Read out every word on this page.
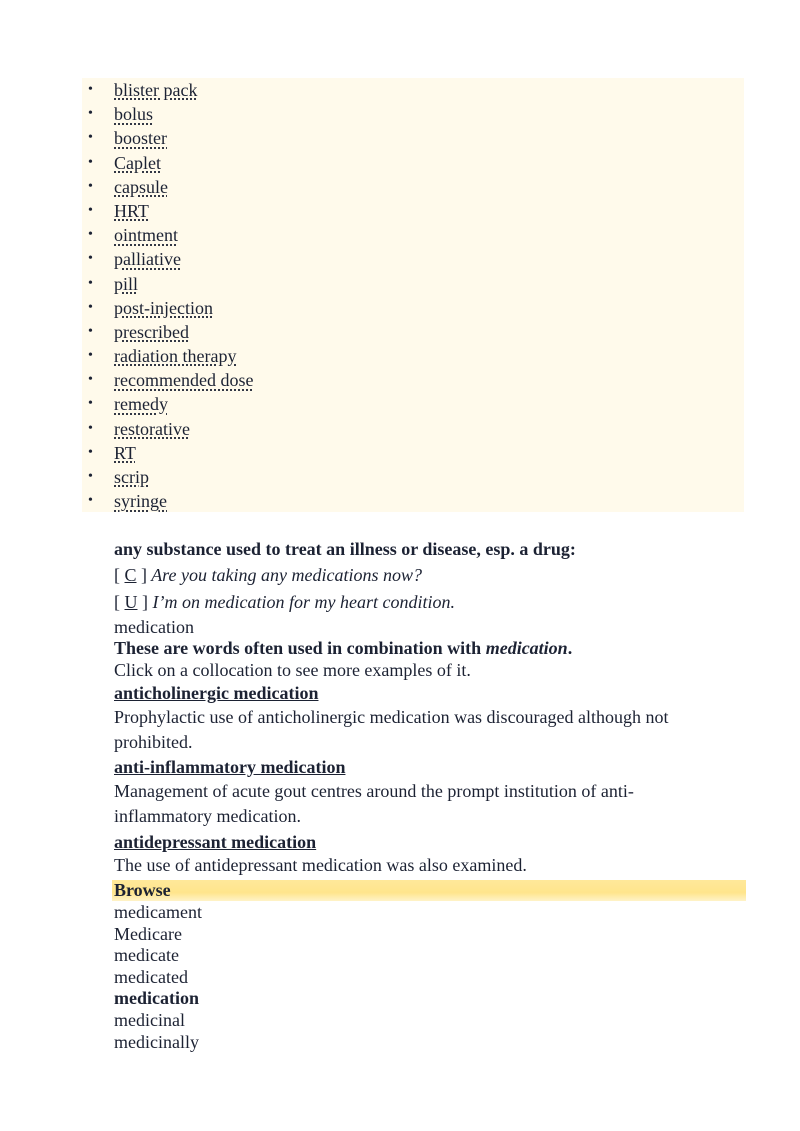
• blister pack
• bolus
• booster
• Caplet
• capsule
• HRT
• ointment
• palliative
• pill
• post-injection
• prescribed
• radiation therapy
• recommended dose
• remedy
• restorative
• RT
• scrip
• syringe
any substance used to treat an illness or disease, esp. a drug:
[ C ] Are you taking any medications now?
[ U ] I’m on medication for my heart condition.
medication
These are words often used in combination with medication.
Click on a collocation to see more examples of it.
anticholinergic medication
Prophylactic use of anticholinergic medication was discouraged although not prohibited.
anti-inflammatory medication
Management of acute gout centres around the prompt institution of anti-inflammatory medication.
antidepressant medication
The use of antidepressant medication was also examined.
Browse
medicament
Medicare
medicate
medicated
medication
medicinal
medicinally
